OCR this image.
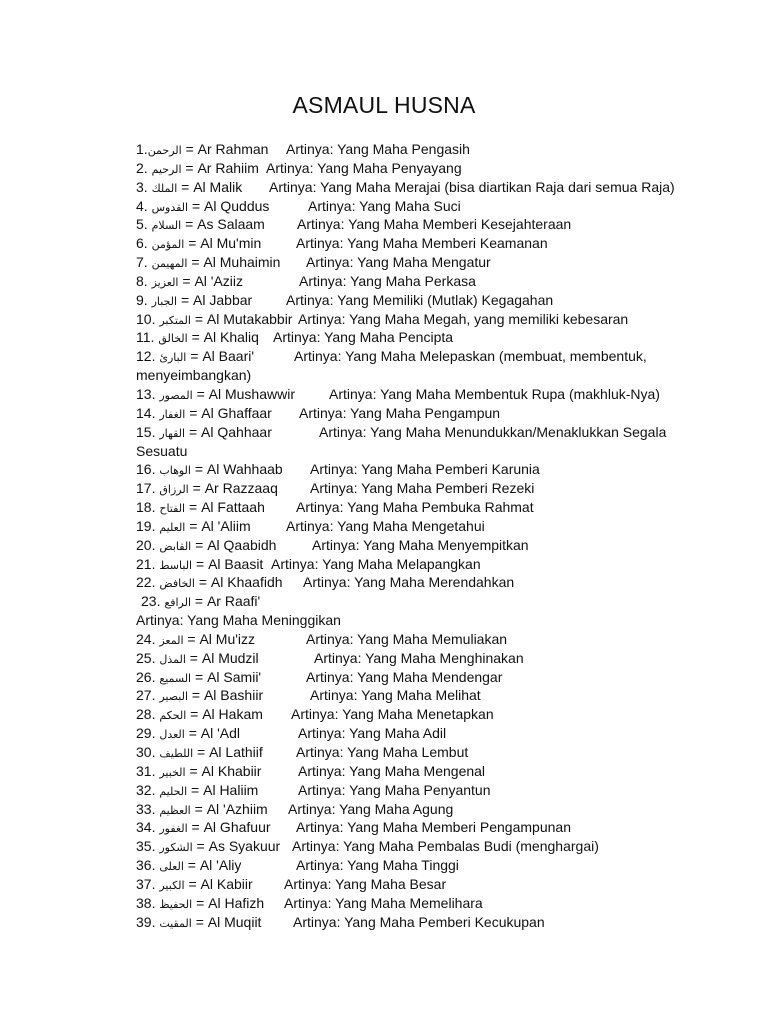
ASMAUL HUSNA
1.الرحمن = Ar Rahman Artinya: Yang Maha Pengasih
2. الرحيم = Ar Rahiim Artinya: Yang Maha Penyayang
3. الملك = Al Malik Artinya: Yang Maha Merajai (bisa diartikan Raja dari semua Raja)
4. القدوس = Al Quddus	Artinya: Yang Maha Suci
5. السلام = As Salaam Artinya: Yang Maha Memberi Kesejahteraan
6. المؤمن = Al Mu'min Artinya: Yang Maha Memberi Keamanan
7. المهيمن = Al Muhaimin Artinya: Yang Maha Mengatur
8. العزيز = Al 'Aziiz	Artinya: Yang Maha Perkasa
9. الجبار = Al Jabbar Artinya: Yang Memiliki (Mutlak) Kegagahan
10. المتكبر = Al Mutakabbir Artinya: Yang Maha Megah, yang memiliki kebesaran
11. الخالق = Al Khaliq Artinya: Yang Maha Pencipta
12. البارئ = Al Baari'	Artinya: Yang Maha Melepaskan (membuat, membentuk,
menyeimbangkan)
13. المصور = Al Mushawwir Artinya: Yang Maha Membentuk Rupa (makhluk-Nya)
14. الغفار = Al Ghaffaar Artinya: Yang Maha Pengampun
15. القهار = Al Qahhaar	Artinya: Yang Maha Menundukkan/Menaklukkan Segala
Sesuatu
16. الوهاب = Al Wahhaab Artinya: Yang Maha Pemberi Karunia
17. الرزاق = Ar Razzaaq Artinya: Yang Maha Pemberi Rezeki
18. الفتاح = Al Fattaah Artinya: Yang Maha Pembuka Rahmat
19. العليم = Al 'Aliim	Artinya: Yang Maha Mengetahui
20. القابض = Al Qaabidh	Artinya: Yang Maha Menyempitkan
21. الباسط = Al Baasit Artinya: Yang Maha Melapangkan
22. الخافض = Al Khaafidh Artinya: Yang Maha Merendahkan
23. الرافع = Ar Raafi'
Artinya: Yang Maha Meninggikan
24. المعز = Al Mu'izz	Artinya: Yang Maha Memuliakan
25. المذل = Al Mudzil	Artinya: Yang Maha Menghinakan
26. السميع = Al Samii'	Artinya: Yang Maha Mendengar
27. البصير = Al Bashiir	Artinya: Yang Maha Melihat
28. الحكم = Al Hakam Artinya: Yang Maha Menetapkan
29. العدل = Al 'Adl	Artinya: Yang Maha Adil
30. اللطيف = Al Lathiif Artinya: Yang Maha Lembut
31. الخبير = Al Khabiir	Artinya: Yang Maha Mengenal
32. الحليم = Al Haliim	Artinya: Yang Maha Penyantun
33. العظيم = Al 'Azhiim Artinya: Yang Maha Agung
34. الغفور = Al Ghafuur Artinya: Yang Maha Memberi Pengampunan
35. الشكور = As Syakuur Artinya: Yang Maha Pembalas Budi (menghargai)
36. العلى = Al 'Aliy	Artinya: Yang Maha Tinggi
37. الكبير = Al Kabiir Artinya: Yang Maha Besar
38. الحفيظ = Al Hafizh Artinya: Yang Maha Memelihara
39. المقيت = Al Muqiit Artinya: Yang Maha Pemberi Kecukupan
